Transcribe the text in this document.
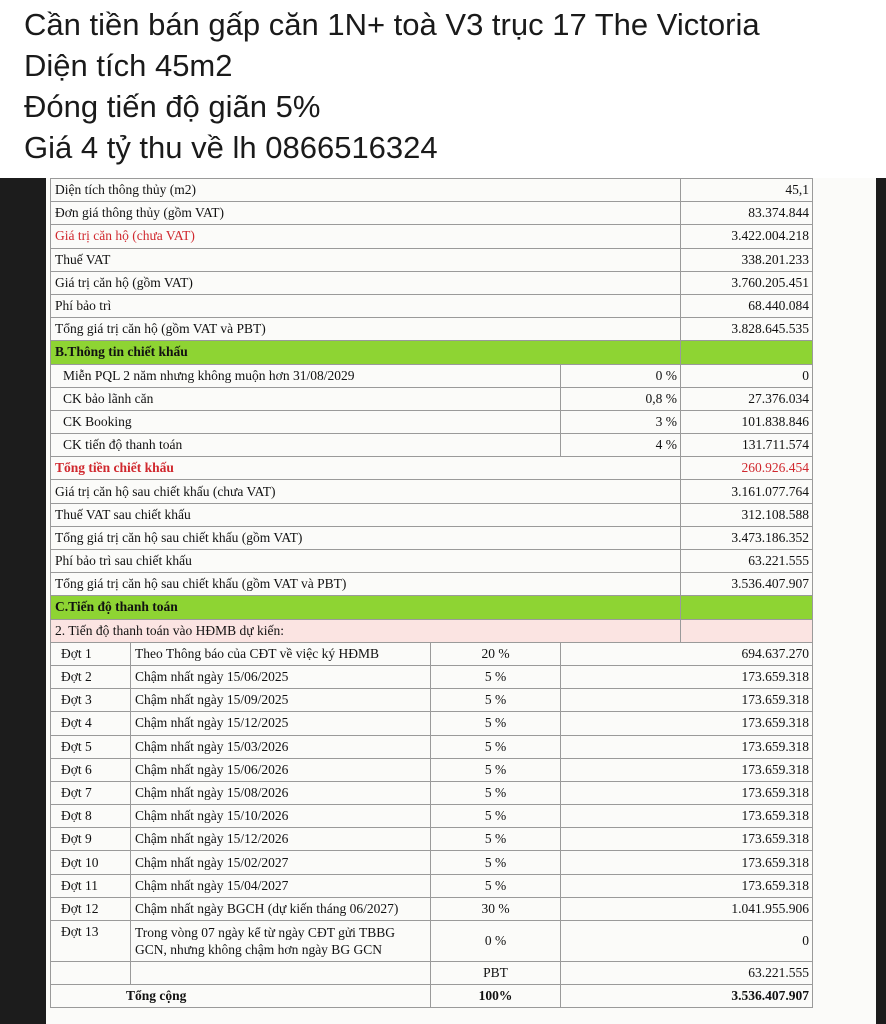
Cần tiền bán gấp căn 1N+ toà V3 trục 17 The Victoria
Diện tích 45m2
Đóng tiến độ giãn 5%
Giá 4 tỷ thu về lh 0866516324
Diện tích thông thủy (m2)				45,1
Đơn giá thông thủy (gồm VAT)				83.374.844
Giá trị căn hộ (chưa VAT)				3.422.004.218
Thuế VAT				338.201.233
Giá trị căn hộ (gồm VAT)				3.760.205.451
Phí bảo trì				68.440.084
Tổng giá trị căn hộ (gồm VAT và PBT)				3.828.645.535
B.Thông tin chiết khấu				
Miễn PQL 2 năm nhưng không muộn hơn 31/08/2029			0 %	0
CK bảo lãnh căn			0,8 %	27.376.034
CK Booking			3 %	101.838.846
CK tiến độ thanh toán			4 %	131.711.574
Tổng tiền chiết khấu				260.926.454
Giá trị căn hộ sau chiết khấu (chưa VAT)				3.161.077.764
Thuế VAT sau chiết khấu				312.108.588
Tổng giá trị căn hộ sau chiết khấu (gồm VAT)				3.473.186.352
Phí bảo trì sau chiết khấu				63.221.555
Tổng giá trị căn hộ sau chiết khấu (gồm VAT và PBT)				3.536.407.907
C.Tiến độ thanh toán				
2. Tiến độ thanh toán vào HĐMB dự kiến:				
Đợt 1	Theo Thông báo của CĐT về việc ký HĐMB	20 %	694.637.270	
Đợt 2	Chậm nhất ngày 15/06/2025	5 %	173.659.318	
Đợt 3	Chậm nhất ngày 15/09/2025	5 %	173.659.318	
Đợt 4	Chậm nhất ngày 15/12/2025	5 %	173.659.318	
Đợt 5	Chậm nhất ngày 15/03/2026	5 %	173.659.318	
Đợt 6	Chậm nhất ngày 15/06/2026	5 %	173.659.318	
Đợt 7	Chậm nhất ngày 15/08/2026	5 %	173.659.318	
Đợt 8	Chậm nhất ngày 15/10/2026	5 %	173.659.318	
Đợt 9	Chậm nhất ngày 15/12/2026	5 %	173.659.318	
Đợt 10	Chậm nhất ngày 15/02/2027	5 %	173.659.318	
Đợt 11	Chậm nhất ngày 15/04/2027	5 %	173.659.318	
Đợt 12	Chậm nhất ngày BGCH (dự kiến tháng 06/2027)	30 %	1.041.955.906	
Đợt 13	Trong vòng 07 ngày kể từ ngày CĐT gửi TBBG GCN, nhưng không chậm hơn ngày BG GCN	0 %	0	
		PBT	63.221.555	
Tổng cộng		100%	3.536.407.907	
